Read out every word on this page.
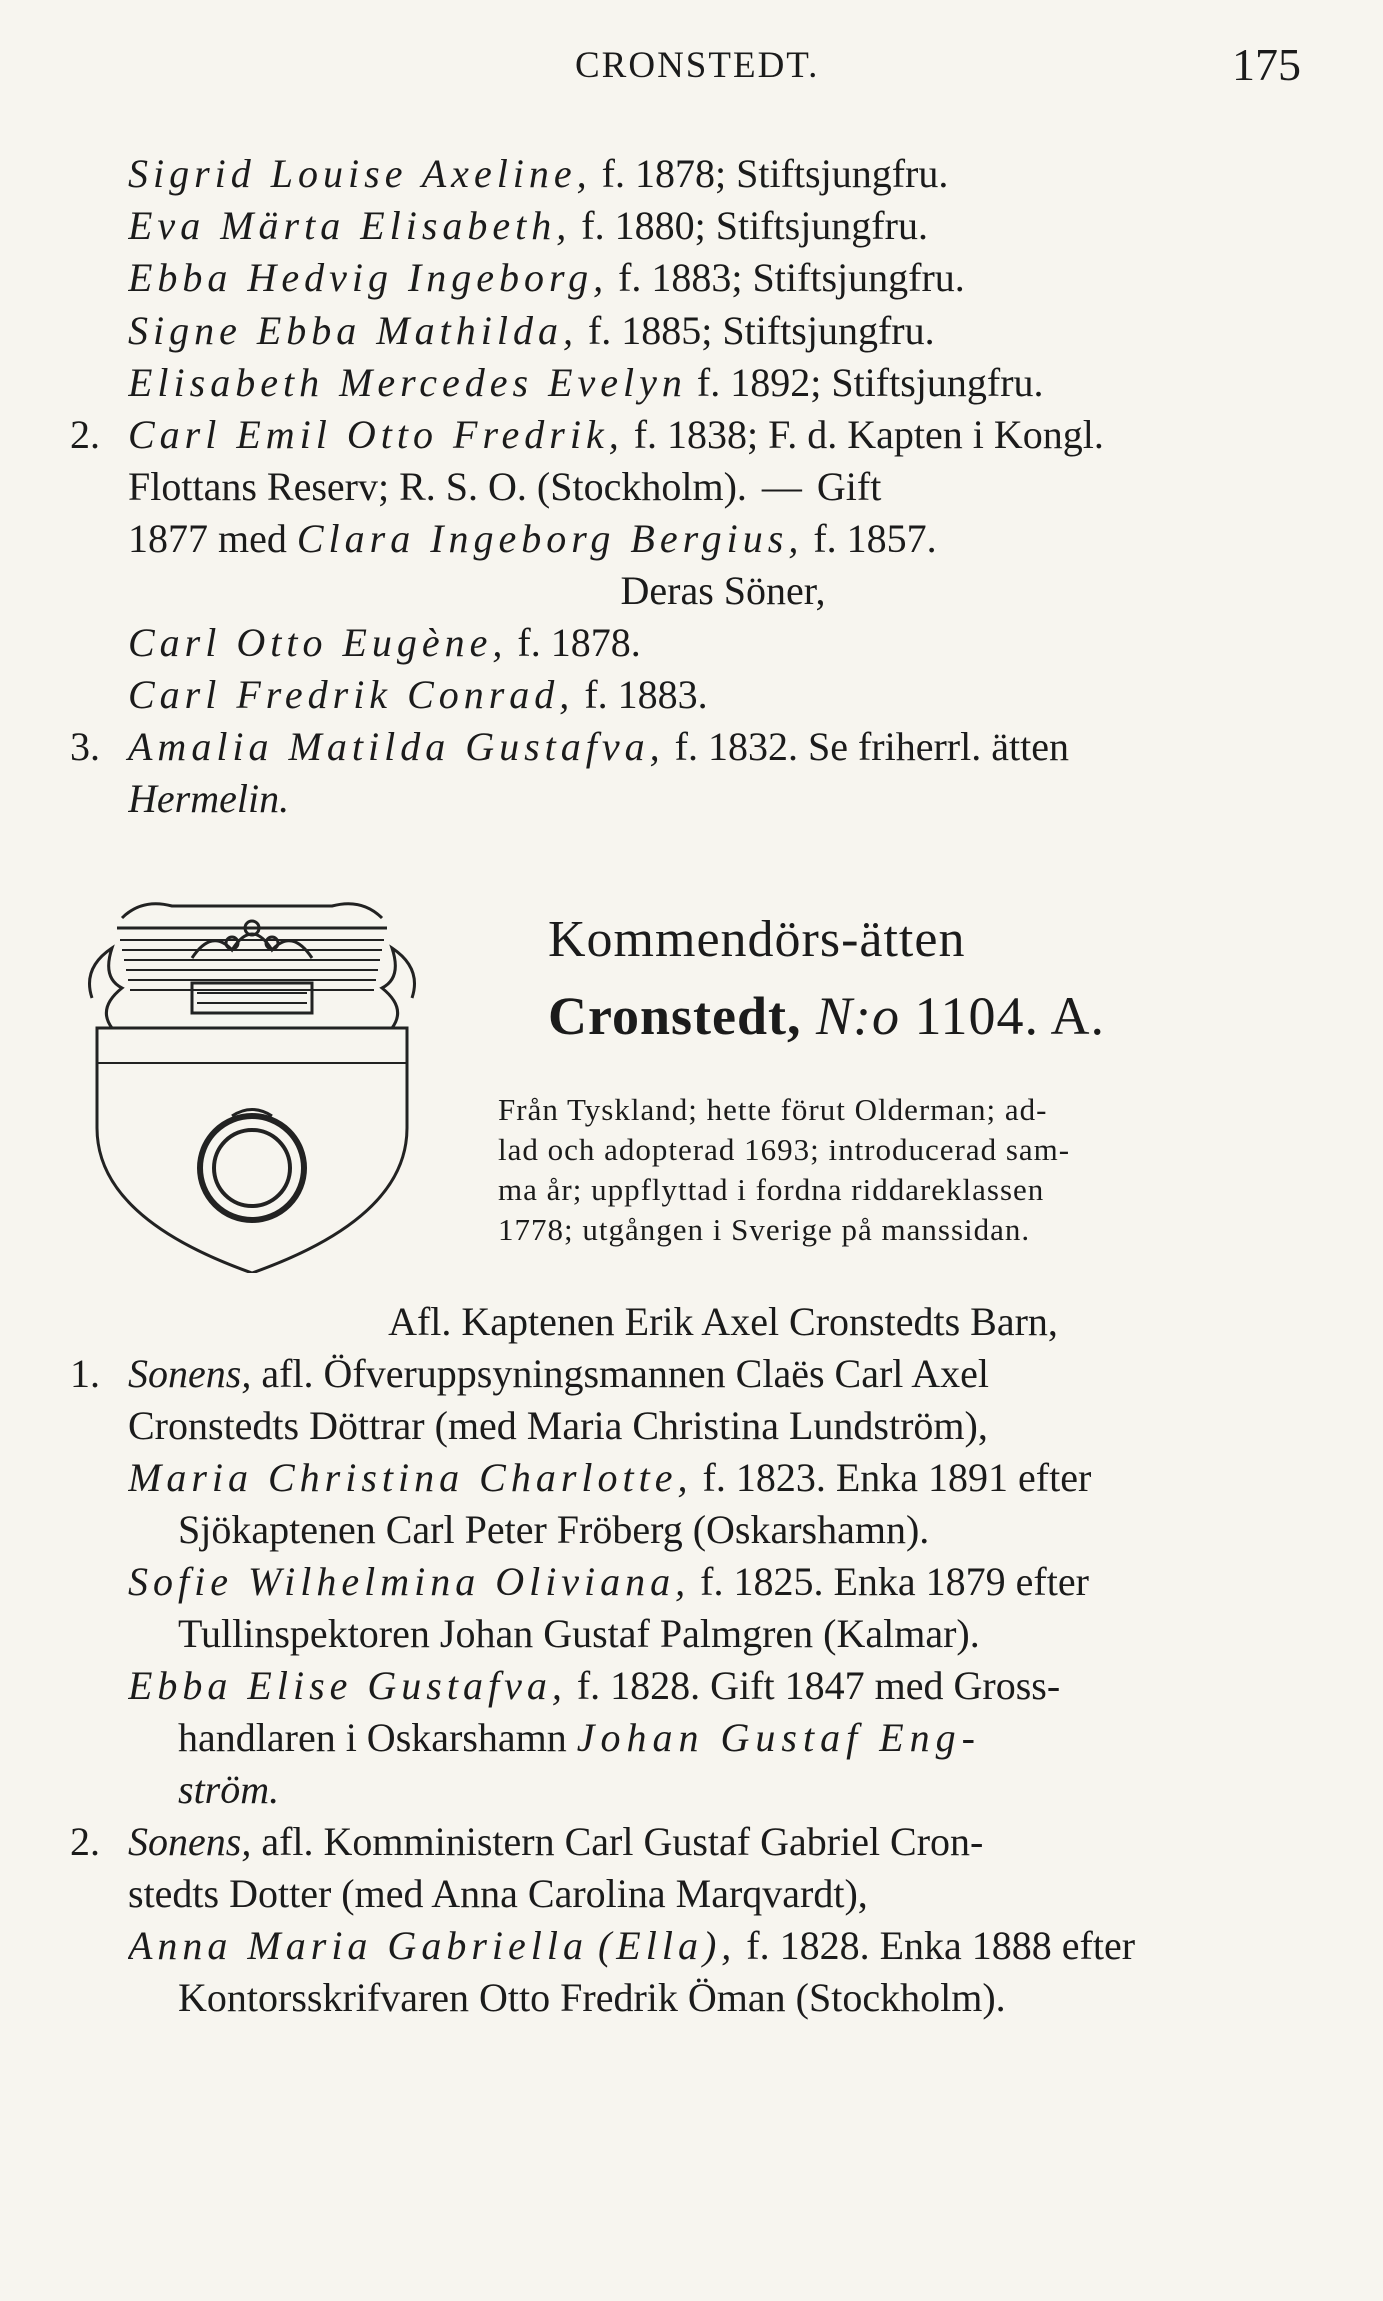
CRONSTEDT.	175
Sigrid Louise Axeline, f. 1878; Stiftsjungfru.
Eva Märta Elisabeth, f. 1880; Stiftsjungfru.
Ebba Hedvig Ingeborg, f. 1883; Stiftsjungfru.
Signe Ebba Mathilda, f. 1885; Stiftsjungfru.
Elisabeth Mercedes Evelyn f. 1892; Stiftsjungfru.
2. Carl Emil Otto Fredrik, f. 1838; F. d. Kapten i Kongl.
Flottans Reserv; R. S. O. (Stockholm). — Gift
1877 med Clara Ingeborg Bergius, f. 1857.
Deras Söner,
Carl Otto Eugène, f. 1878.
Carl Fredrik Conrad, f. 1883.
3. Amalia Matilda Gustafva, f. 1832. Se friherrl. ätten
Hermelin.
Kommendörs-ätten
Cronstedt, N:o 1104. A.
Från Tyskland; hette förut Olderman; ad-
lad och adopterad 1693; introducerad sam-
ma år; uppflyttad i fordna riddareklassen
1778; utgången i Sverige på manssidan.
Afl. Kaptenen Erik Axel Cronstedts Barn,
1. Sonens, afl. Öfveruppsyningsmannen Claës Carl Axel
Cronstedts Döttrar (med Maria Christina Lundström),
Maria Christina Charlotte, f. 1823. Enka 1891 efter
Sjökaptenen Carl Peter Fröberg (Oskarshamn).
Sofie Wilhelmina Oliviana, f. 1825. Enka 1879 efter
Tullinspektoren Johan Gustaf Palmgren (Kalmar).
Ebba Elise Gustafva, f. 1828. Gift 1847 med Gross-
handlaren i Oskarshamn Johan Gustaf Eng-
ström.
2. Sonens, afl. Komministern Carl Gustaf Gabriel Cron-
stedts Dotter (med Anna Carolina Marqvardt),
Anna Maria Gabriella (Ella), f. 1828. Enka 1888 efter
Kontorsskrifvaren Otto Fredrik Öman (Stockholm).
